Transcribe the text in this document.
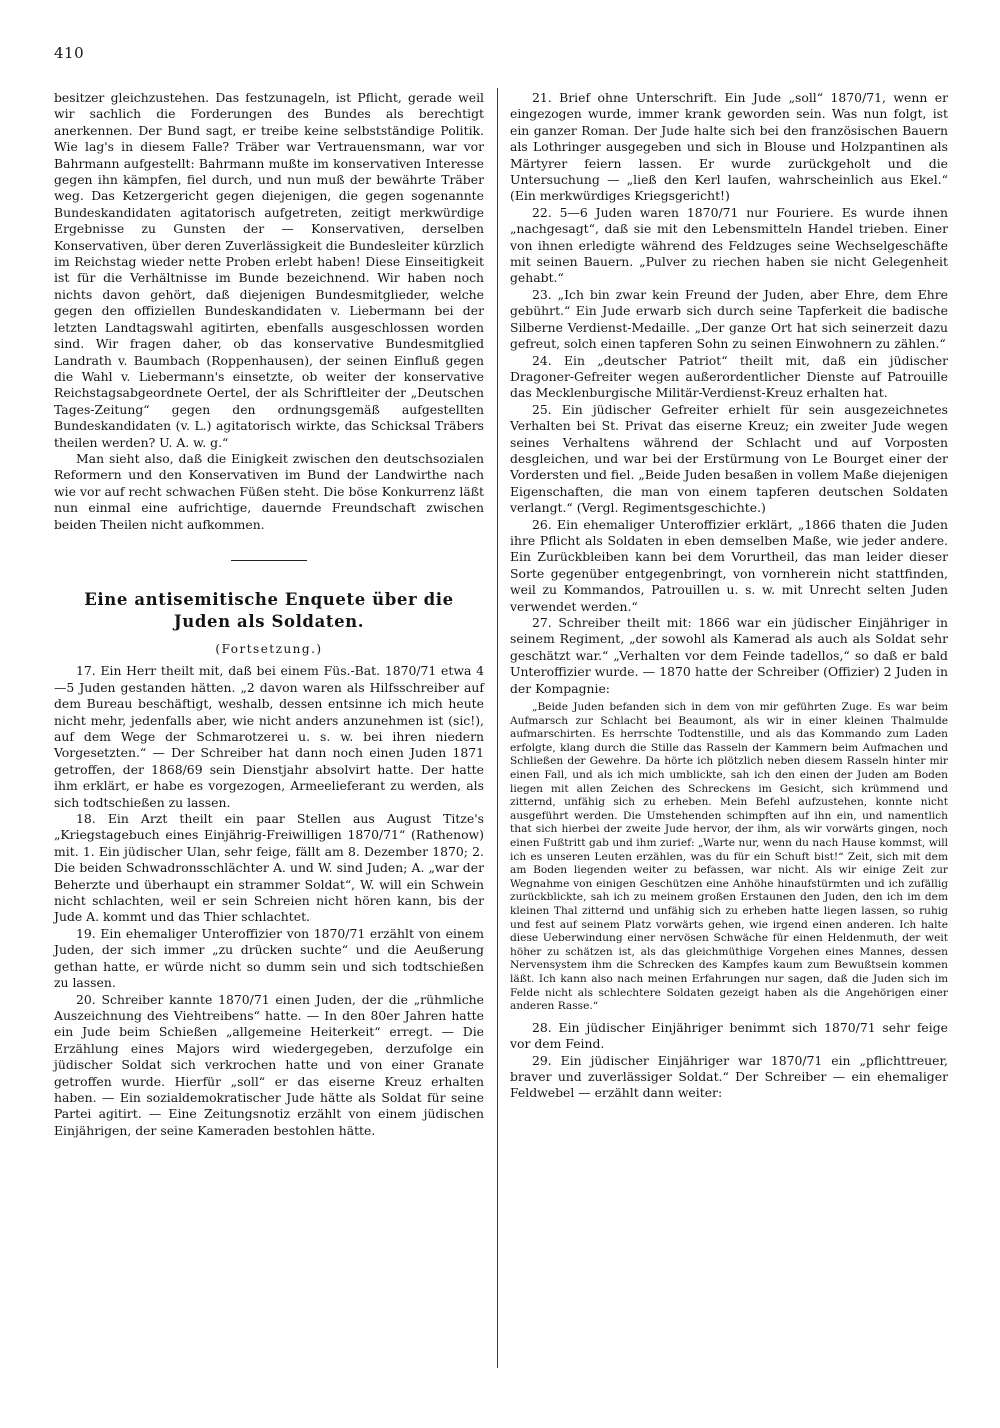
410

besitzer gleichzustehen. Das festzunageln, ist Pflicht, gerade weil wir sachlich die Forderungen des Bundes als berechtigt anerkennen. Der Bund sagt, er treibe keine selbstständige Politik. Wie lag's in diesem Falle? Träber war Vertrauensmann, war vor Bahrmann aufgestellt: Bahrmann mußte im konservativen Interesse gegen ihn kämpfen, fiel durch, und nun muß der bewährte Träber weg. Das Ketzergericht gegen diejenigen, die gegen sogenannte Bundeskandidaten agitatorisch aufgetreten, zeitigt merkwürdige Ergebnisse zu Gunsten der — Konservativen, derselben Konservativen, über deren Zuverlässigkeit die Bundesleiter kürzlich im Reichstag wieder nette Proben erlebt haben! Diese Einseitigkeit ist für die Verhältnisse im Bunde bezeichnend. Wir haben noch nichts davon gehört, daß diejenigen Bundesmitglieder, welche gegen den offiziellen Bundeskandidaten v. Liebermann bei der letzten Landtagswahl agitirten, ebenfalls ausgeschlossen worden sind. Wir fragen daher, ob das konservative Bundesmitglied Landrath v. Baumbach (Roppenhausen), der seinen Einfluß gegen die Wahl v. Liebermann's einsetzte, ob weiter der konservative Reichstagsabgeordnete Oertel, der als Schriftleiter der „Deutschen Tages-Zeitung“ gegen den ordnungsgemäß aufgestellten Bundeskandidaten (v. L.) agitatorisch wirkte, das Schicksal Träbers theilen werden? U. A. w. g.“

Man sieht also, daß die Einigkeit zwischen den deutschsozialen Reformern und den Konservativen im Bund der Landwirthe nach wie vor auf recht schwachen Füßen steht. Die böse Konkurrenz läßt nun einmal eine aufrichtige, dauernde Freundschaft zwischen beiden Theilen nicht aufkommen.

Eine antisemitische Enquete über die Juden als Soldaten.
(Fortsetzung.)

17. Ein Herr theilt mit, daß bei einem Füs.-Bat. 1870/71 etwa 4—5 Juden gestanden hätten. „2 davon waren als Hilfsschreiber auf dem Bureau beschäftigt, weshalb, dessen entsinne ich mich heute nicht mehr, jedenfalls aber, wie nicht anders anzunehmen ist (sic!), auf dem Wege der Schmarotzerei u. s. w. bei ihren niedern Vorgesetzten.“ — Der Schreiber hat dann noch einen Juden 1871 getroffen, der 1868/69 sein Dienstjahr absolvirt hatte. Der hatte ihm erklärt, er habe es vorgezogen, Armeelieferant zu werden, als sich todtschießen zu lassen.

18. Ein Arzt theilt ein paar Stellen aus August Titze's „Kriegstagebuch eines Einjährig-Freiwilligen 1870/71“ (Rathenow) mit. 1. Ein jüdischer Ulan, sehr feige, fällt am 8. Dezember 1870; 2. Die beiden Schwadronsschlächter A. und W. sind Juden; A. „war der Beherzte und überhaupt ein strammer Soldat“, W. will ein Schwein nicht schlachten, weil er sein Schreien nicht hören kann, bis der Jude A. kommt und das Thier schlachtet.

19. Ein ehemaliger Unteroffizier von 1870/71 erzählt von einem Juden, der sich immer „zu drücken suchte“ und die Aeußerung gethan hatte, er würde nicht so dumm sein und sich todtschießen zu lassen.

20. Schreiber kannte 1870/71 einen Juden, der die „rühmliche Auszeichnung des Viehtreibens“ hatte. — In den 80er Jahren hatte ein Jude beim Schießen „allgemeine Heiterkeit“ erregt. — Die Erzählung eines Majors wird wiedergegeben, derzufolge ein jüdischer Soldat sich verkrochen hatte und von einer Granate getroffen wurde. Hierfür „soll“ er das eiserne Kreuz erhalten haben. — Ein sozialdemokratischer Jude hätte als Soldat für seine Partei agitirt. — Eine Zeitungsnotiz erzählt von einem jüdischen Einjährigen, der seine Kameraden bestohlen hätte.

21. Brief ohne Unterschrift. Ein Jude „soll“ 1870/71, wenn er eingezogen wurde, immer krank geworden sein. Was nun folgt, ist ein ganzer Roman. Der Jude halte sich bei den französischen Bauern als Lothringer ausgegeben und sich in Blouse und Holzpantinen als Märtyrer feiern lassen. Er wurde zurückgeholt und die Untersuchung — „ließ den Kerl laufen, wahrscheinlich aus Ekel.“ (Ein merkwürdiges Kriegsgericht!)

22. 5—6 Juden waren 1870/71 nur Fouriere. Es wurde ihnen „nachgesagt“, daß sie mit den Lebensmitteln Handel trieben. Einer von ihnen erledigte während des Feldzuges seine Wechselgeschäfte mit seinen Bauern. „Pulver zu riechen haben sie nicht Gelegenheit gehabt.“

23. „Ich bin zwar kein Freund der Juden, aber Ehre, dem Ehre gebührt.“ Ein Jude erwarb sich durch seine Tapferkeit die badische Silberne Verdienst-Medaille. „Der ganze Ort hat sich seinerzeit dazu gefreut, solch einen tapferen Sohn zu seinen Einwohnern zu zählen.“

24. Ein „deutscher Patriot“ theilt mit, daß ein jüdischer Dragoner-Gefreiter wegen außerordentlicher Dienste auf Patrouille das Mecklenburgische Militär-Verdienst-Kreuz erhalten hat.

25. Ein jüdischer Gefreiter erhielt für sein ausgezeichnetes Verhalten bei St. Privat das eiserne Kreuz; ein zweiter Jude wegen seines Verhaltens während der Schlacht und auf Vorposten desgleichen, und war bei der Erstürmung von Le Bourget einer der Vordersten und fiel. „Beide Juden besaßen in vollem Maße diejenigen Eigenschaften, die man von einem tapferen deutschen Soldaten verlangt.“ (Vergl. Regimentsgeschichte.)

26. Ein ehemaliger Unteroffizier erklärt, „1866 thaten die Juden ihre Pflicht als Soldaten in eben demselben Maße, wie jeder andere. Ein Zurückbleiben kann bei dem Vorurtheil, das man leider dieser Sorte gegenüber entgegenbringt, von vornherein nicht stattfinden, weil zu Kommandos, Patrouillen u. s. w. mit Unrecht selten Juden verwendet werden.“

27. Schreiber theilt mit: 1866 war ein jüdischer Einjähriger in seinem Regiment, „der sowohl als Kamerad als auch als Soldat sehr geschätzt war.“ „Verhalten vor dem Feinde tadellos,“ so daß er bald Unteroffizier wurde. — 1870 hatte der Schreiber (Offizier) 2 Juden in der Kompagnie:

„Beide Juden befanden sich in dem von mir geführten Zuge. Es war beim Aufmarsch zur Schlacht bei Beaumont, als wir in einer kleinen Thalmulde aufmarschirten. Es herrschte Todtenstille, und als das Kommando zum Laden erfolgte, klang durch die Stille das Rasseln der Kammern beim Aufmachen und Schließen der Gewehre. Da hörte ich plötzlich neben diesem Rasseln hinter mir einen Fall, und als ich mich umblickte, sah ich den einen der Juden am Boden liegen mit allen Zeichen des Schreckens im Gesicht, sich krümmend und zitternd, unfähig sich zu erheben. Mein Befehl aufzustehen, konnte nicht ausgeführt werden. Die Umstehenden schimpften auf ihn ein, und namentlich that sich hierbei der zweite Jude hervor, der ihm, als wir vorwärts gingen, noch einen Fußtritt gab und ihm zurief: „Warte nur, wenn du nach Hause kommst, will ich es unseren Leuten erzählen, was du für ein Schuft bist!“ Zeit, sich mit dem am Boden liegenden weiter zu befassen, war nicht. Als wir einige Zeit zur Wegnahme von einigen Geschützen eine Anhöhe hinaufstürmten und ich zufällig zurückblickte, sah ich zu meinem großen Erstaunen den Juden, den ich im dem kleinen Thal zitternd und unfähig sich zu erheben hatte liegen lassen, so ruhig und fest auf seinem Platz vorwärts gehen, wie irgend einen anderen. Ich halte diese Ueberwindung einer nervösen Schwäche für einen Heldenmuth, der weit höher zu schätzen ist, als das gleichmüthige Vorgehen eines Mannes, dessen Nervensystem ihm die Schrecken des Kampfes kaum zum Bewußtsein kommen läßt. Ich kann also nach meinen Erfahrungen nur sagen, daß die Juden sich im Felde nicht als schlechtere Soldaten gezeigt haben als die Angehörigen einer anderen Rasse.“

28. Ein jüdischer Einjähriger benimmt sich 1870/71 sehr feige vor dem Feind.

29. Ein jüdischer Einjähriger war 1870/71 ein „pflichttreuer, braver und zuverlässiger Soldat.“ Der Schreiber — ein ehemaliger Feldwebel — erzählt dann weiter:
